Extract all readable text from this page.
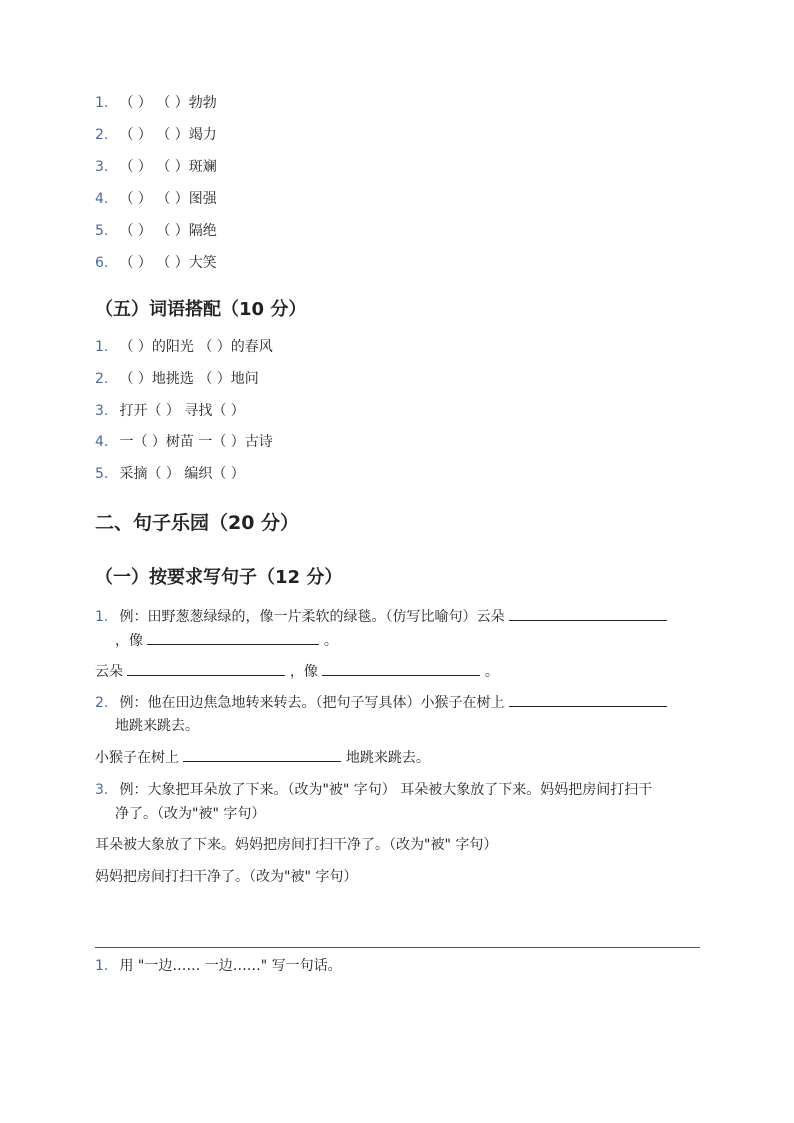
1. （ ） （ ）勃勃
2. （ ） （ ）竭力
3. （ ） （ ）斑斓
4. （ ） （ ）图强
5. （ ） （ ）隔绝
6. （ ） （ ）大笑
（五）词语搭配（10 分）
1. （ ）的阳光 （ ）的春风
2. （ ）地挑选 （ ）地问
3. 打开（ ） 寻找（ ）
4. 一（ ）树苗 一（ ）古诗
5. 采摘（ ） 编织（ ）
二、句子乐园（20 分）
（一）按要求写句子（12 分）
1. 例：田野葱葱绿绿的，像一片柔软的绿毯。（仿写比喻句）云朵
，像	。
云朵	，像	。
2. 例：他在田边焦急地转来转去。（把句子写具体）小猴子在树上
地跳来跳去。
小猴子在树上	地跳来跳去。
3. 例：大象把耳朵放了下来。（改为"被" 字句） 耳朵被大象放了下来。妈妈把房间打扫干
净了。（改为"被" 字句）
耳朵被大象放了下来。妈妈把房间打扫干净了。（改为"被" 字句）
妈妈把房间打扫干净了。（改为"被" 字句）
1. 用 "一边…… 一边……" 写一句话。
